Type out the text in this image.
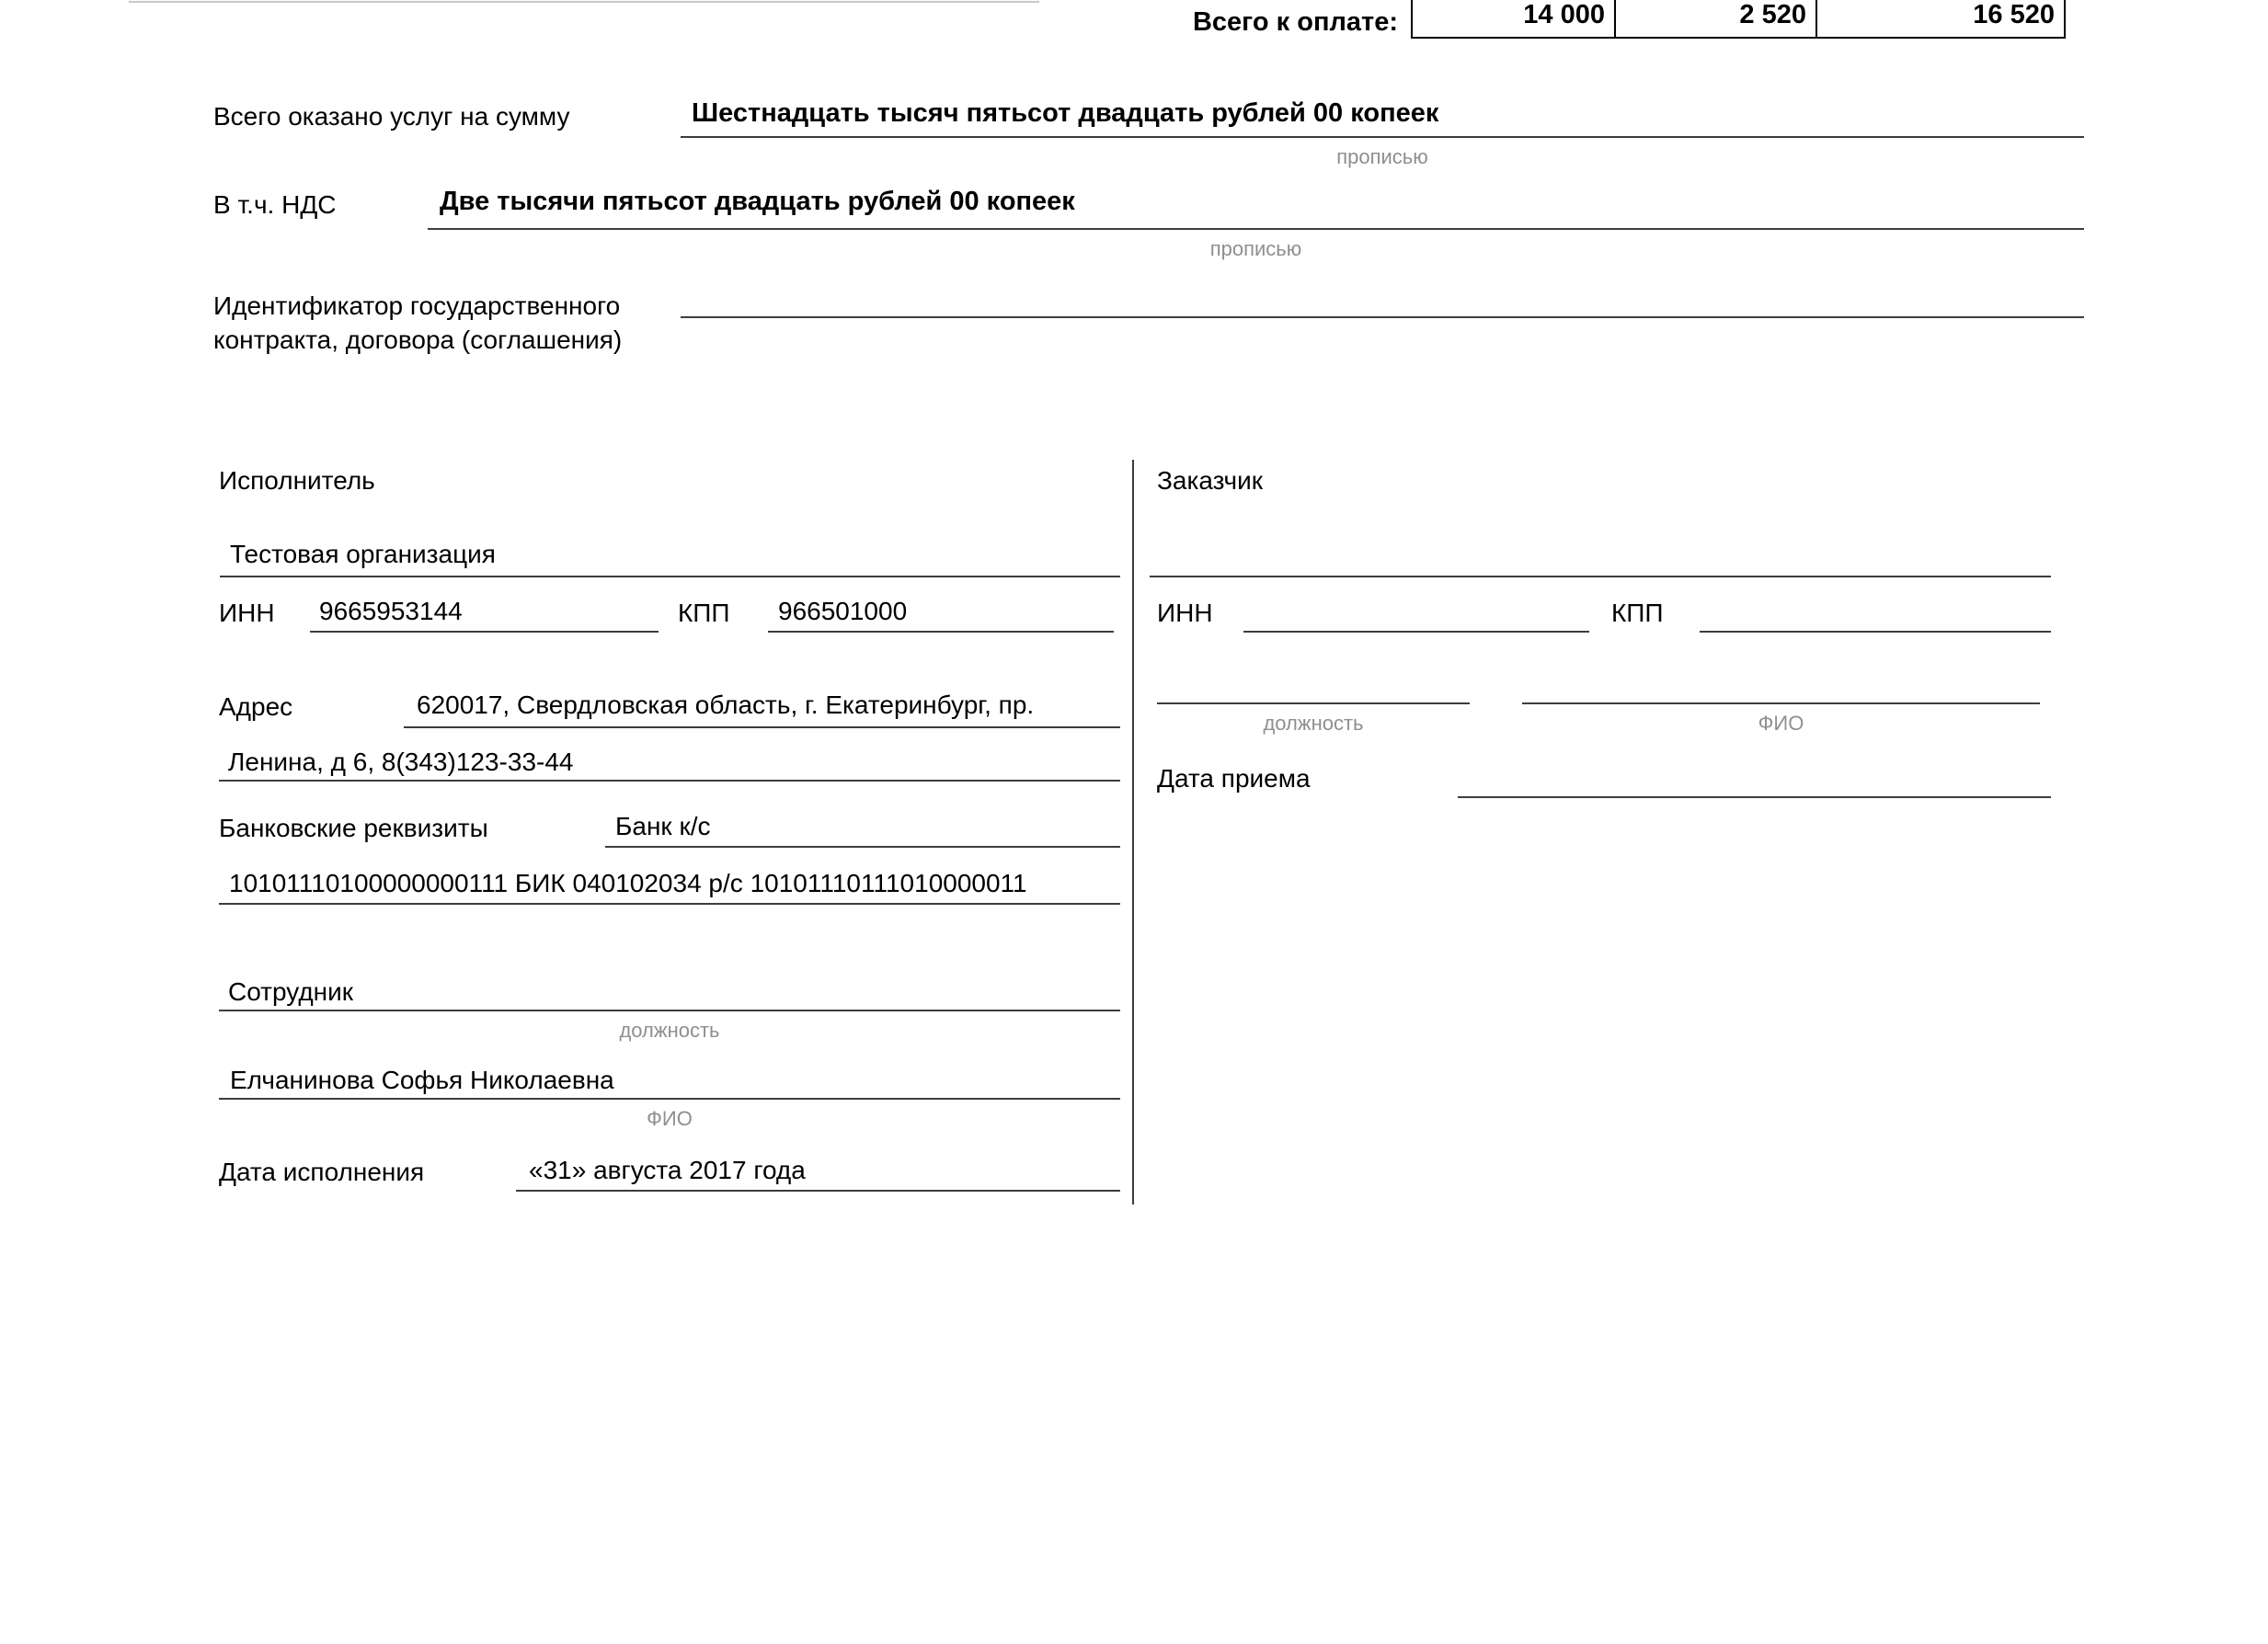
Всего к оплате:	14 000	2 520	16 520
Всего оказано услуг на сумму	Шестнадцать тысяч пятьсот двадцать рублей 00 копеек
прописью
В т.ч. НДС	Две тысячи пятьсот двадцать рублей 00 копеек
прописью
Идентификатор государственного контракта, договора (соглашения)
Исполнитель
Тестовая организация
ИНН 9665953144	КПП 966501000
Адрес	620017, Свердловская область, г. Екатеринбург, пр.
Ленина, д 6, 8(343)123-33-44
Банковские реквизиты	Банк к/с
10101110100000000111 БИК 040102034 р/с 10101110111010000011
Сотрудник
должность
Елчанинова Софья Николаевна
ФИО
Дата исполнения	«31» августа 2017 года
Заказчик
ИНН	КПП
должность	ФИО
Дата приема
